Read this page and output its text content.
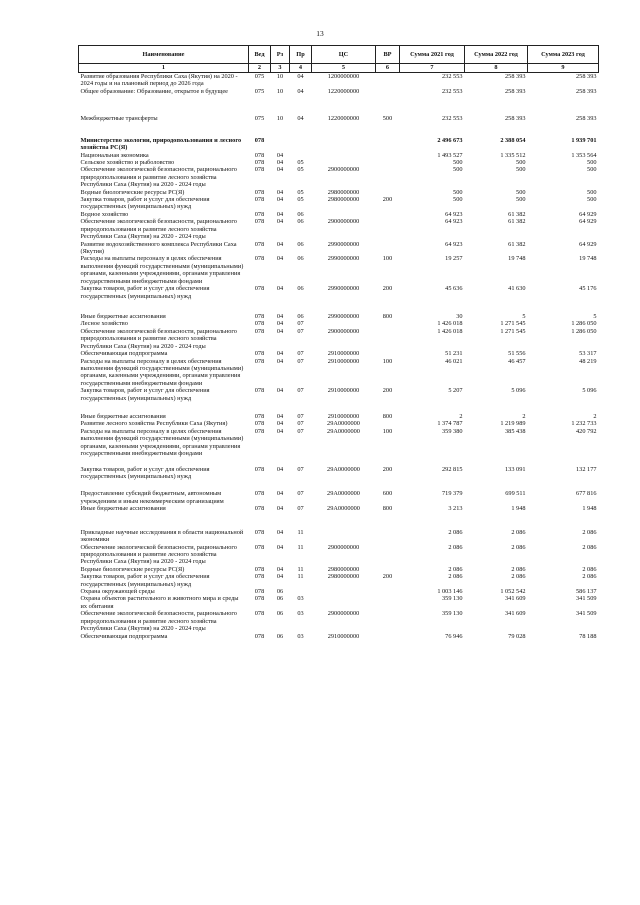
13
Наименование	Вед	Рз	Пр	ЦС	ВР	Сумма 2021 год	Сумма 2022 год	Сумма 2023 год
1	2	3	4	5	6	7	8	9
Развитие образования Республики Саха (Якутия) на 2020 - 2024 годы и на плановый период до 2026 года	075	10	04	1200000000		232 553	258 393	258 393
Общее образование: Образование, открытое в будущее	075	10	04	1220000000		232 553	258 393	258 393
Межбюджетные трансферты	075	10	04	1220000000	500	232 553	258 393	258 393
Министерство экологии, природопользования и лесного хозяйства РС(Я)	078					2 496 673	2 388 054	1 939 701
Национальная экономика	078	04				1 493 527	1 335 512	1 353 564
Сельское хозяйство и рыболовство	078	04	05			500	500	500
Обеспечение экологической безопасности, рационального природопользования и развитие лесного хозяйства Республики Саха (Якутия) на 2020 - 2024 годы	078	04	05	2900000000		500	500	500
Водные биологические ресурсы РС(Я)	078	04	05	2980000000		500	500	500
Закупка товаров, работ и услуг для обеспечения государственных (муниципальных) нужд	078	04	05	2980000000	200	500	500	500
Водное хозяйство	078	04	06			64 923	61 382	64 929
Обеспечение экологической безопасности, рационального природопользования и развитие лесного хозяйства Республики Саха (Якутия) на 2020 - 2024 годы	078	04	06	2900000000		64 923	61 382	64 929
Развитие водохозяйственного комплекса Республики Саха (Якутия)	078	04	06	2990000000		64 923	61 382	64 929
Расходы на выплаты персоналу в целях обеспечения выполнения функций государственными (муниципальными) органами, казенными учреждениями, органами управления государственными внебюджетными фондами	078	04	06	2990000000	100	19 257	19 748	19 748
Закупка товаров, работ и услуг для обеспечения государственных (муниципальных) нужд	078	04	06	2990000000	200	45 636	41 630	45 176
Иные бюджетные ассигнования	078	04	06	2990000000	800	30	5	5
Лесное хозяйство	078	04	07			1 426 018	1 271 545	1 286 050
Обеспечение экологической безопасности, рационального природопользования и развитие лесного хозяйства Республики Саха (Якутия) на 2020 - 2024 годы	078	04	07	2900000000		1 426 018	1 271 545	1 286 050
Обеспечивающая подпрограмма	078	04	07	2910000000		51 231	51 556	53 317
Расходы на выплаты персоналу в целях обеспечения выполнения функций государственными (муниципальными) органами, казенными учреждениями, органами управления государственными внебюджетными фондами	078	04	07	2910000000	100	46 021	46 457	48 219
Закупка товаров, работ и услуг для обеспечения государственных (муниципальных) нужд	078	04	07	2910000000	200	5 207	5 096	5 096
Иные бюджетные ассигнования	078	04	07	2910000000	800	2	2	2
Развитие лесного хозяйства Республики Саха (Якутия)	078	04	07	29A0000000		1 374 787	1 219 989	1 232 733
Расходы на выплаты персоналу в целях обеспечения выполнения функций государственными (муниципальными) органами, казенными учреждениями, органами управления государственными внебюджетными фондами	078	04	07	29A0000000	100	359 380	385 438	420 792
Закупка товаров, работ и услуг для обеспечения государственных (муниципальных) нужд	078	04	07	29A0000000	200	292 815	133 091	132 177
Предоставление субсидий бюджетным, автономным учреждениям и иным некоммерческим организациям	078	04	07	29A0000000	600	719 379	699 511	677 816
Иные бюджетные ассигнования	078	04	07	29A0000000	800	3 213	1 948	1 948
Прикладные научные исследования в области национальной экономики	078	04	11			2 086	2 086	2 086
Обеспечение экологической безопасности, рационального природопользования и развитие лесного хозяйства Республики Саха (Якутия) на 2020 - 2024 годы	078	04	11	2900000000		2 086	2 086	2 086
Водные биологические ресурсы РС(Я)	078	04	11	2980000000		2 086	2 086	2 086
Закупка товаров, работ и услуг для обеспечения государственных (муниципальных) нужд	078	04	11	2980000000	200	2 086	2 086	2 086
Охрана окружающей среды	078	06				1 003 146	1 052 542	586 137
Охрана объектов растительного и животного мира и среды их обитания	078	06	03			359 130	341 609	341 509
Обеспечение экологической безопасности, рационального природопользования и развитие лесного хозяйства Республики Саха (Якутия) на 2020 - 2024 годы	078	06	03	2900000000		359 130	341 609	341 509
Обеспечивающая подпрограмма	078	06	03	2910000000		76 946	79 028	78 188
